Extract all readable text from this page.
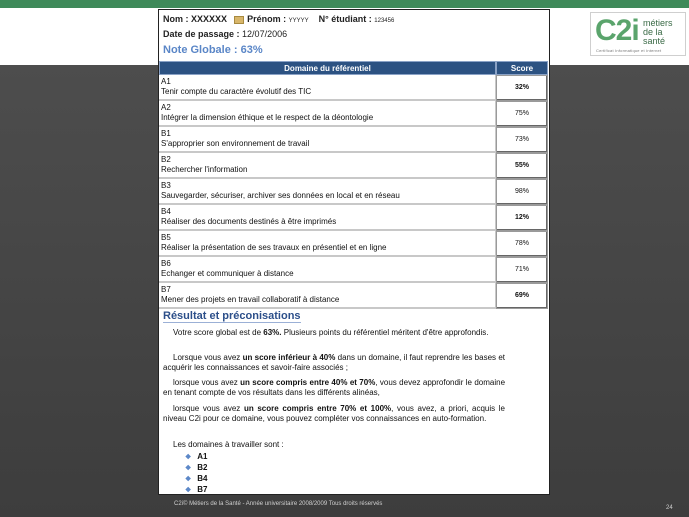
C2i métiers
de la santé
Certificat Informatique et Internet
Nom : XXXXXX Prénom : YYYYY N° étudiant : 123456
Date de passage : 12/07/2006
Note Globale : 63%
Domaine du référentiel	Score

A1
Tenir compte du caractère évolutif des TIC	32%

A2
Intégrer la dimension éthique et le respect de la déontologie	75%

B1
S'approprier son environnement de travail	73%

B2
Rechercher l'information	55%

B3
Sauvegarder, sécuriser, archiver ses données en local et en réseau	98%

B4
Réaliser des documents destinés à être imprimés	12%

B5
Réaliser la présentation de ses travaux en présentiel et en ligne	78%

B6
Echanger et communiquer à distance	71%

B7
Mener des projets en travail collaboratif à distance	69%
Résultat et préconisations
Votre score global est de 63%. Plusieurs points du référentiel méritent d'être approfondis.
Lorsque vous avez un score inférieur à 40% dans un domaine, il faut reprendre les bases et acquérir les connaissances et savoir-faire associés ;
lorsque vous avez un score compris entre 40% et 70%, vous devez approfondir le domaine en tenant compte de vos résultats dans les différents alinéas,
lorsque vous avez un score compris entre 70% et 100%, vous avez, a priori, acquis le niveau C2i pour ce domaine, vous pouvez compléter vos connaissances en auto-formation.
Les domaines à travailler sont :
❖ A1
❖ B2
❖ B4
❖ B7
C2i© Métiers de la Santé - Année universitaire 2008/2009 Tous droits réservés
24
